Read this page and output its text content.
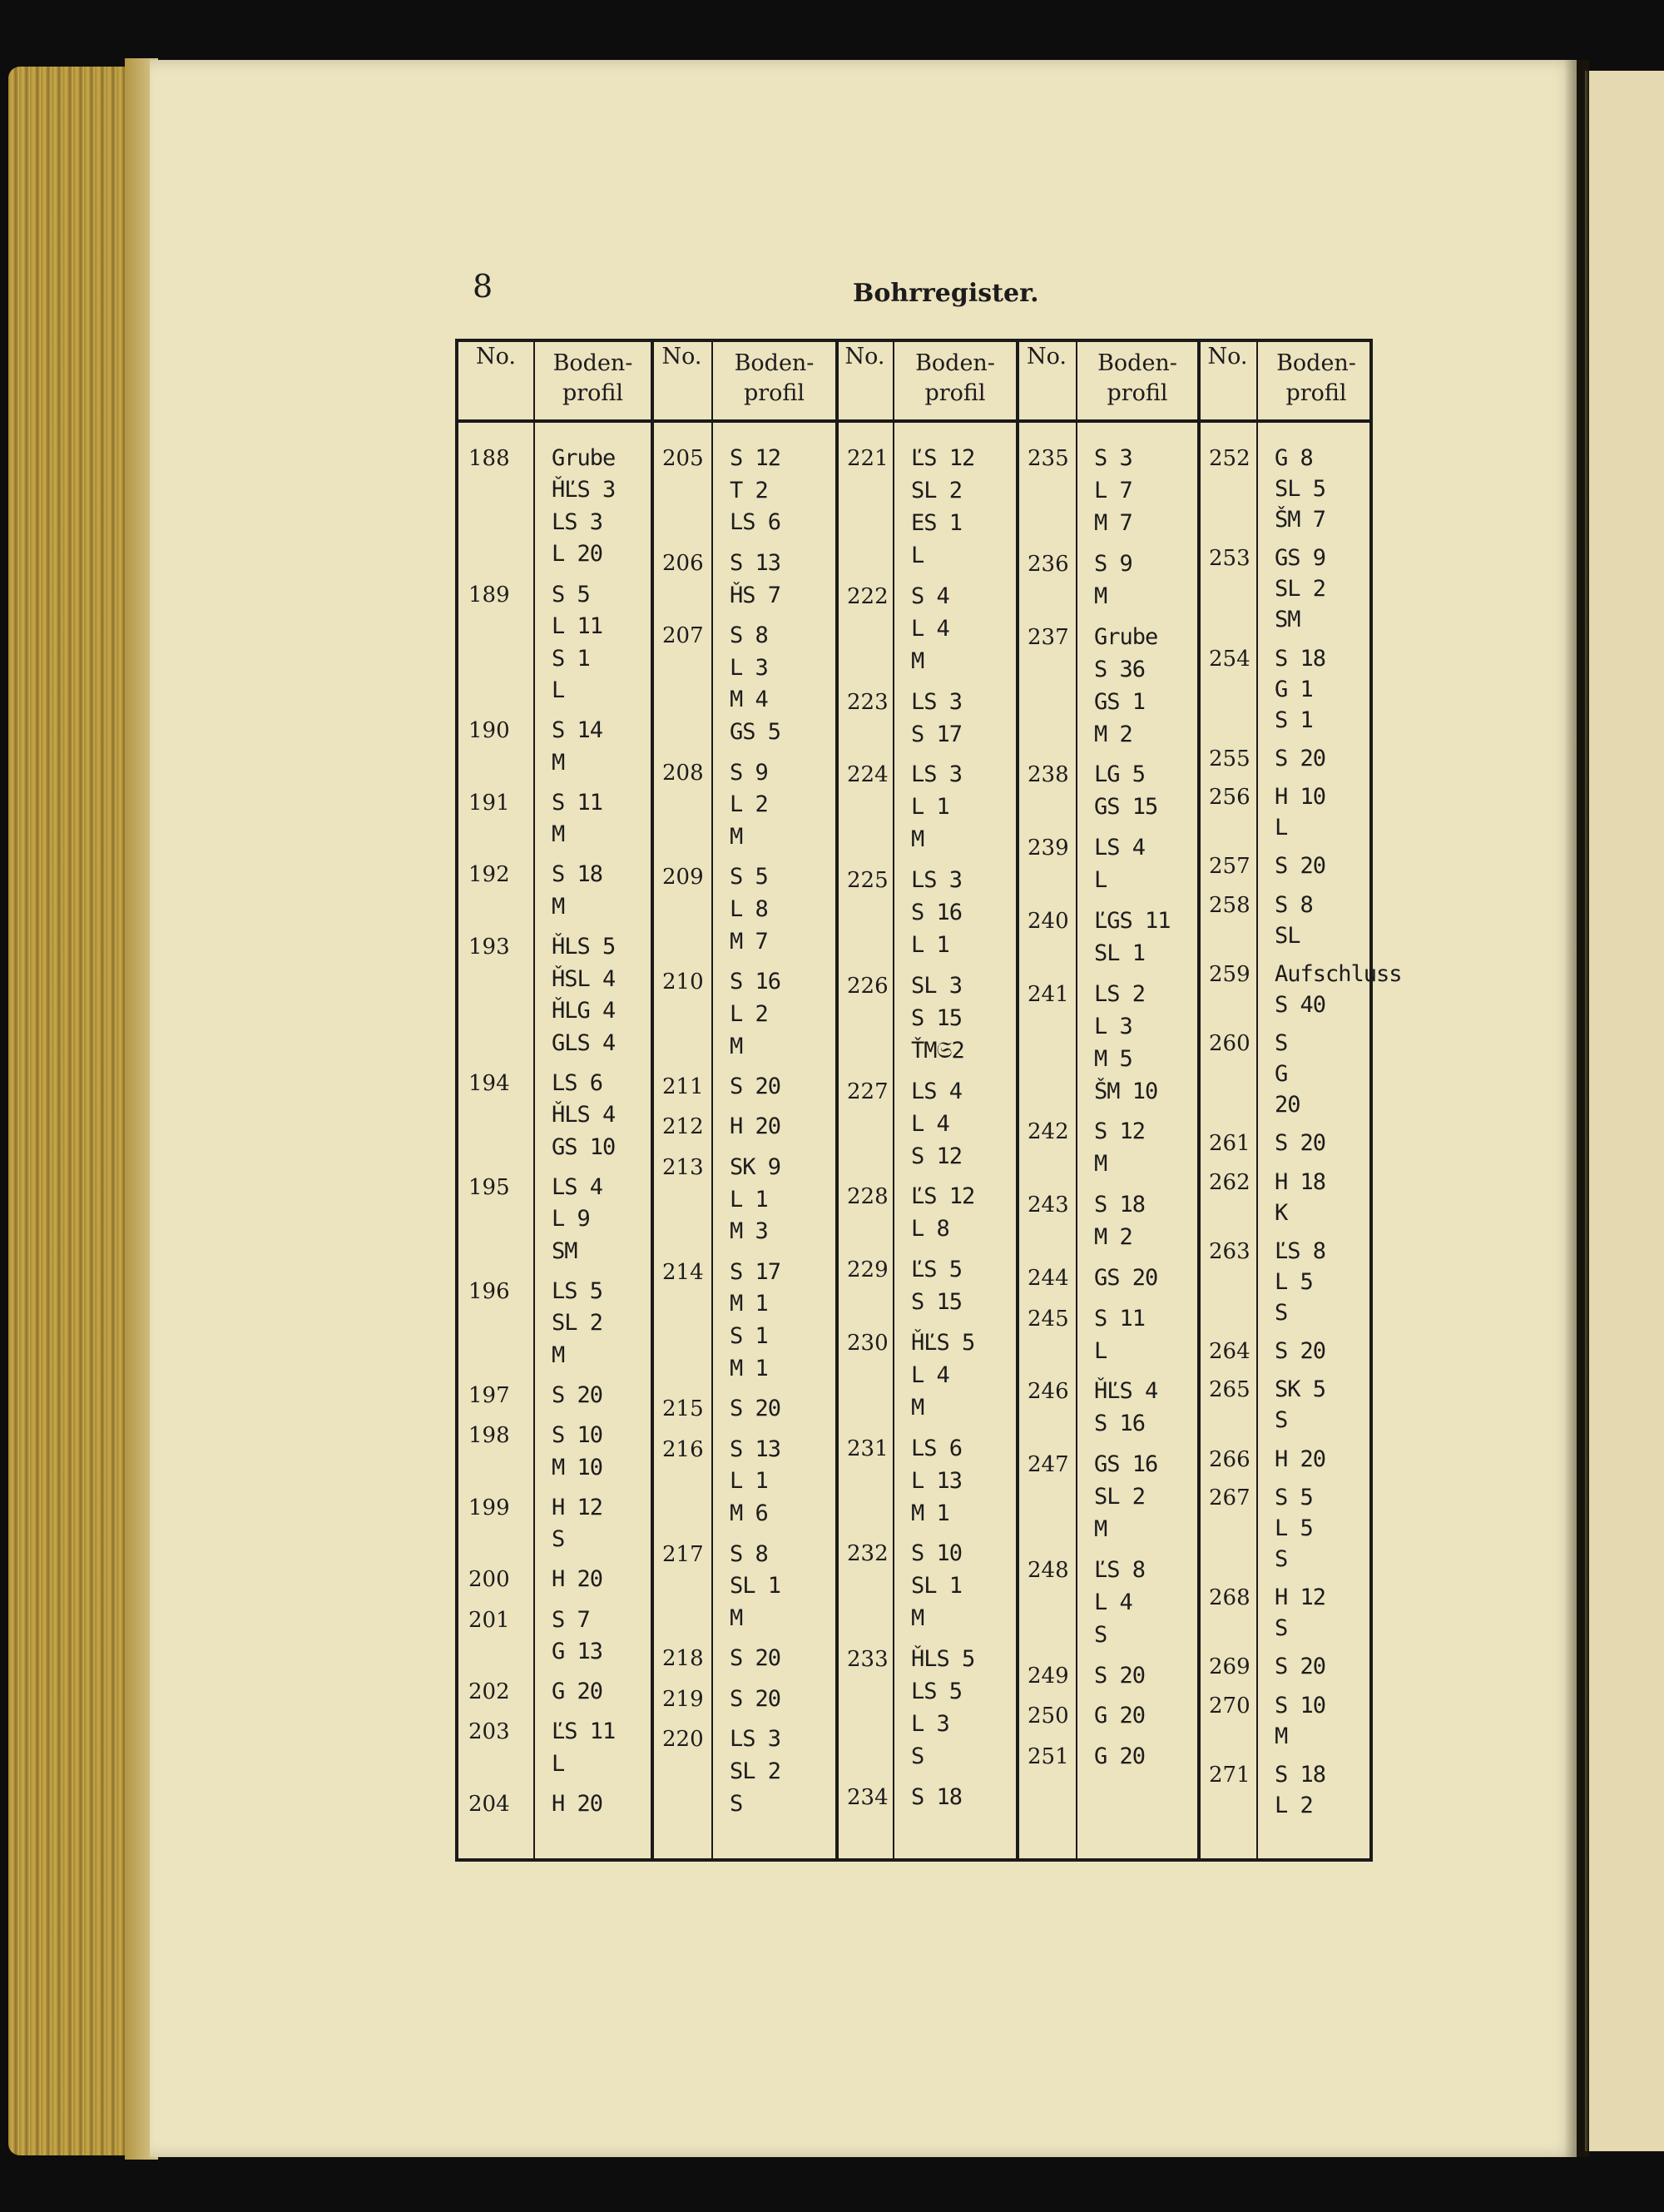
8	Bohrregister.
No.	Boden-
profil
188 Grube
ȞĽS 3
LS 3
L 20
189 S 5
L 11
S 1
L
190 S 14
M
191 S 11
M
192 S 18
M
193 ȞLS 5
ȞSL 4
ȞLG 4
GLS 4
194 LS 6
ȞLS 4
GS 10
195 LS 4
L 9
SM
196 LS 5
SL 2
M
197 S 20
198 S 10
M 10
199 H 12
S
200 H 20
201 S 7
G 13
202 G 20
203 ĽS 11
L
204 H 20
No.	Boden-
profil
205 S 12
T 2
LS 6
206 S 13
ȞS 7
207 S 8
L 3
M 4
GS 5
208 S 9
L 2
M
209 S 5
L 8
M 7
210 S 16
L 2
M
211 S 20
212 H 20
213 SK 9
L 1
M 3
214 S 17
M 1
S 1
M 1
215 S 20
216 S 13
L 1
M 6
217 S 8
SL 1
M
218 S 20
219 S 20
220 LS 3
SL 2
S
No.	Boden-
profil
221 ĽS 12
SL 2
ES 1
L
222 S 4
L 4
M
223 LS 3
S 17
224 LS 3
L 1
M
225 LS 3
S 16
L 1
226 SL 3
S 15
ŤM𝔖2
227 LS 4
L 4
S 12
228 ĽS 12
L 8
229 ĽS 5
S 15
230 ȞĽS 5
L 4
M
231 LS 6
L 13
M 1
232 S 10
SL 1
M
233 ȞLS 5
LS 5
L 3
S
234 S 18
No.	Boden-
profil
235 S 3
L 7
M 7
236 S 9
M
237 Grube
S 36
GS 1
M 2
238 LG 5
GS 15
239 LS 4
L
240 ĽGS 11
SL 1
241 LS 2
L 3
M 5
ŠM 10
242 S 12
M
243 S 18
M 2
244 GS 20
245 S 11
L
246 ȞĽS 4
S 16
247 GS 16
SL 2
M
248 ĽS 8
L 4
S
249 S 20
250 G 20
251 G 20
No.	Boden-
profil
252 G 8
SL 5
ŠM 7
253 GS 9
SL 2
SM
254 S 18
G 1
S 1
255 S 20
256 H 10
L
257 S 20
258 S 8
SL
259 Aufschluss
S 40
260 S
G
20
261 S 20
262 H 18
K
263 ĽS 8
L 5
S
264 S 20
265 SK 5
S
266 H 20
267 S 5
L 5
S
268 H 12
S
269 S 20
270 S 10
M
271 S 18
L 2
